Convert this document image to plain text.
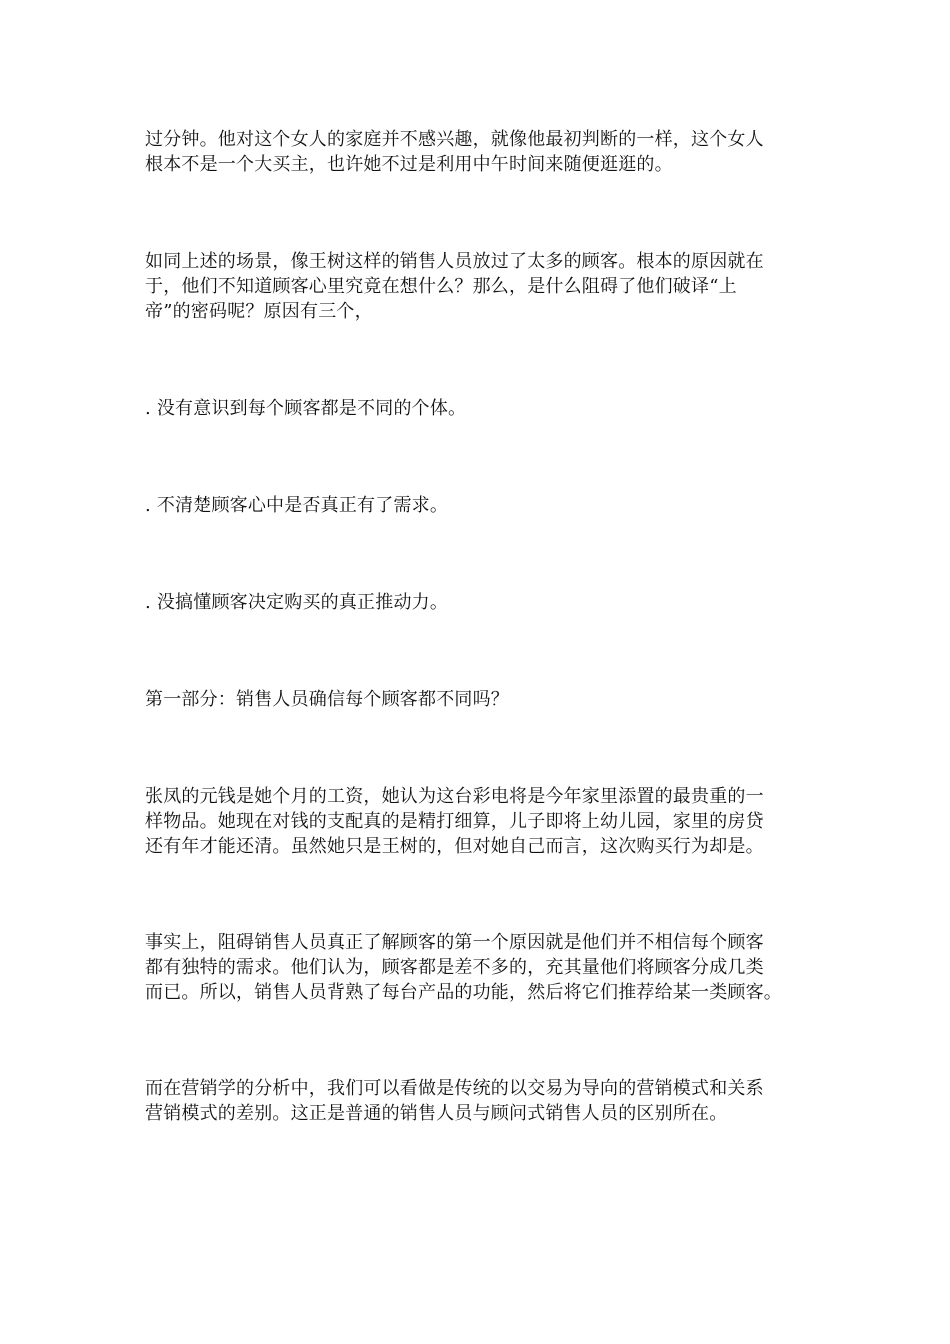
过分钟。他对这个女人的家庭并不感兴趣，就像他最初判断的一样，这个女人
根本不是一个大买主，也许她不过是利用中午时间来随便逛逛的。

如同上述的场景，像王树这样的销售人员放过了太多的顾客。根本的原因就在
于，他们不知道顾客心里究竟在想什么？那么，是什么阻碍了他们破译“上
帝”的密码呢？原因有三个，

. 没有意识到每个顾客都是不同的个体。

. 不清楚顾客心中是否真正有了需求。

. 没搞懂顾客决定购买的真正推动力。

第一部分：销售人员确信每个顾客都不同吗？

张凤的元钱是她个月的工资，她认为这台彩电将是今年家里添置的最贵重的一
样物品。她现在对钱的支配真的是精打细算，儿子即将上幼儿园，家里的房贷
还有年才能还清。虽然她只是王树的，但对她自己而言，这次购买行为却是。

事实上，阻碍销售人员真正了解顾客的第一个原因就是他们并不相信每个顾客
都有独特的需求。他们认为，顾客都是差不多的，充其量他们将顾客分成几类
而已。所以，销售人员背熟了每台产品的功能，然后将它们推荐给某一类顾客。

而在营销学的分析中，我们可以看做是传统的以交易为导向的营销模式和关系
营销模式的差别。这正是普通的销售人员与顾问式销售人员的区别所在。
